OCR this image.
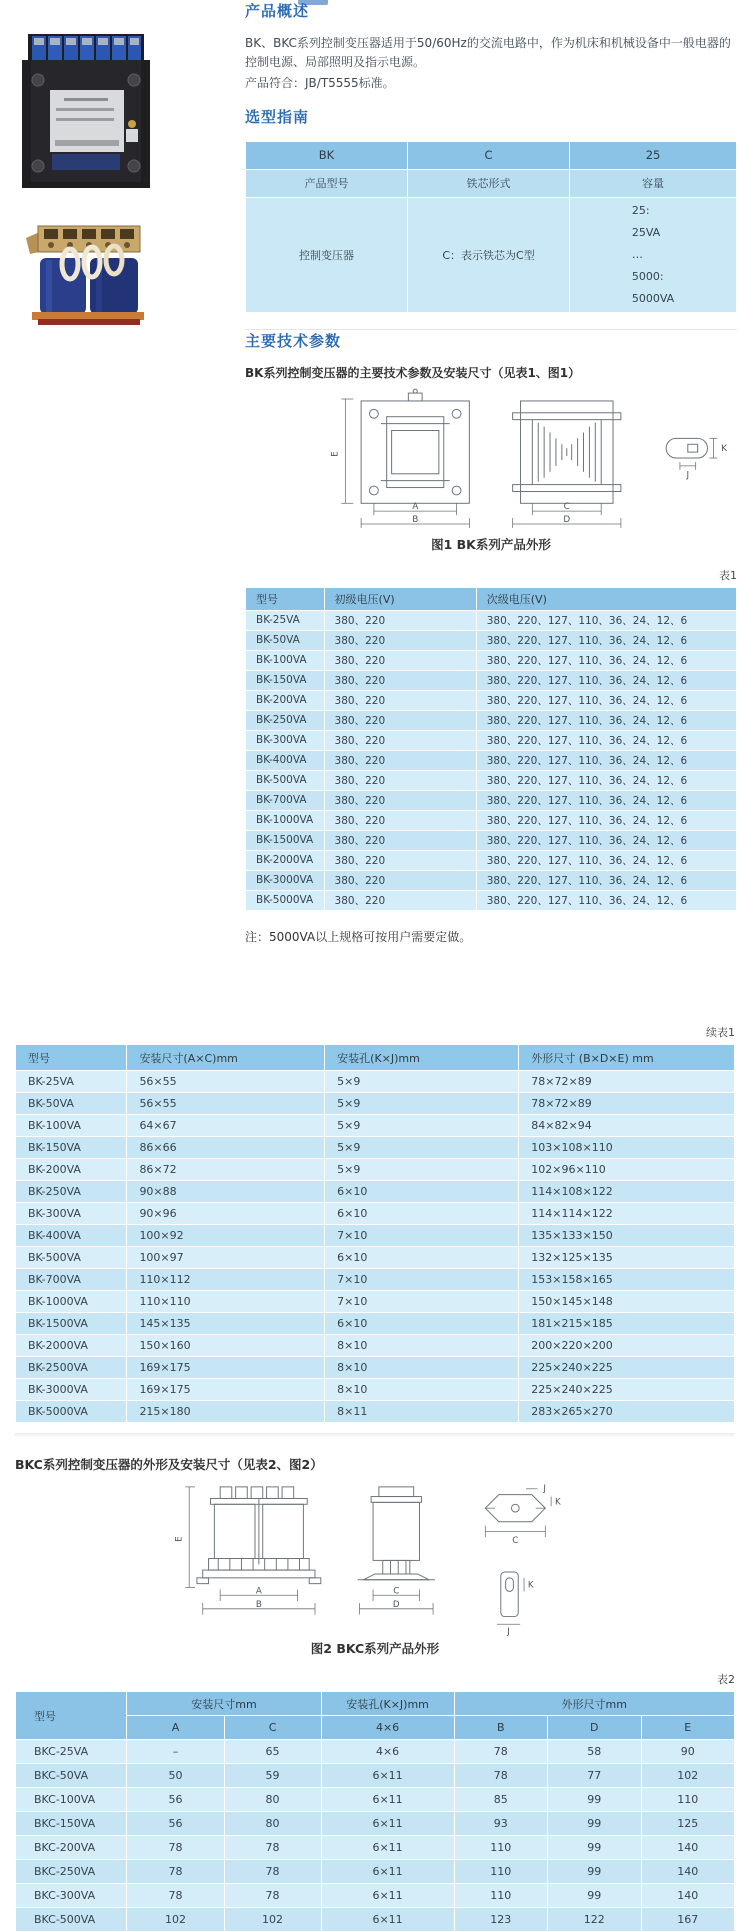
产品概述

BK、BKC系列控制变压器适用于50/60Hz的交流电路中，作为机床和机械设备中一般电器的控制电源、局部照明及指示电源。

产品符合：JB/T5555标准。

选型指南
BK	C	25
产品型号	铁芯形式	容量
控制变压器	C：表示铁芯为C型	25:
25VA
…
5000:
5000VA
主要技术参数

BK系列控制变压器的主要技术参数及安装尺寸（见表1、图1）

E
A
B
C
D
K
J
图1 BK系列产品外形
表1
型号	初级电压(V)	次级电压(V)
BK-25VA	380、220	380、220、127、110、36、24、12、6
BK-50VA	380、220	380、220、127、110、36、24、12、6
BK-100VA	380、220	380、220、127、110、36、24、12、6
BK-150VA	380、220	380、220、127、110、36、24、12、6
BK-200VA	380、220	380、220、127、110、36、24、12、6
BK-250VA	380、220	380、220、127、110、36、24、12、6
BK-300VA	380、220	380、220、127、110、36、24、12、6
BK-400VA	380、220	380、220、127、110、36、24、12、6
BK-500VA	380、220	380、220、127、110、36、24、12、6
BK-700VA	380、220	380、220、127、110、36、24、12、6
BK-1000VA	380、220	380、220、127、110、36、24、12、6
BK-1500VA	380、220	380、220、127、110、36、24、12、6
BK-2000VA	380、220	380、220、127、110、36、24、12、6
BK-3000VA	380、220	380、220、127、110、36、24、12、6
BK-5000VA	380、220	380、220、127、110、36、24、12、6

注：5000VA以上规格可按用户需要定做。

续表1
型号	安装尺寸(A×C)mm	安装孔(K×J)mm	外形尺寸 (B×D×E) mm
BK-25VA	56×55	5×9	78×72×89
BK-50VA	56×55	5×9	78×72×89
BK-100VA	64×67	5×9	84×82×94
BK-150VA	86×66	5×9	103×108×110
BK-200VA	86×72	5×9	102×96×110
BK-250VA	90×88	6×10	114×108×122
BK-300VA	90×96	6×10	114×114×122
BK-400VA	100×92	7×10	135×133×150
BK-500VA	100×97	6×10	132×125×135
BK-700VA	110×112	7×10	153×158×165
BK-1000VA	110×110	7×10	150×145×148
BK-1500VA	145×135	6×10	181×215×185
BK-2000VA	150×160	8×10	200×220×200
BK-2500VA	169×175	8×10	225×240×225
BK-3000VA	169×175	8×10	225×240×225
BK-5000VA	215×180	8×11	283×265×270

BKC系列控制变压器的外形及安装尺寸（见表2、图2）

E
A
B
C
D
J
K
C
K
J
图2 BKC系列产品外形
表2
型号	安装尺寸mm		安装孔(K×J)mm	外形尺寸mm		
	A	C	4×6	B	D	E
BKC-25VA	–	65	4×6	78	58	90
BKC-50VA	50	59	6×11	78	77	102
BKC-100VA	56	80	6×11	85	99	110
BKC-150VA	56	80	6×11	93	99	125
BKC-200VA	78	78	6×11	110	99	140
BKC-250VA	78	78	6×11	110	99	140
BKC-300VA	78	78	6×11	110	99	140
BKC-500VA	102	102	6×11	123	122	167
